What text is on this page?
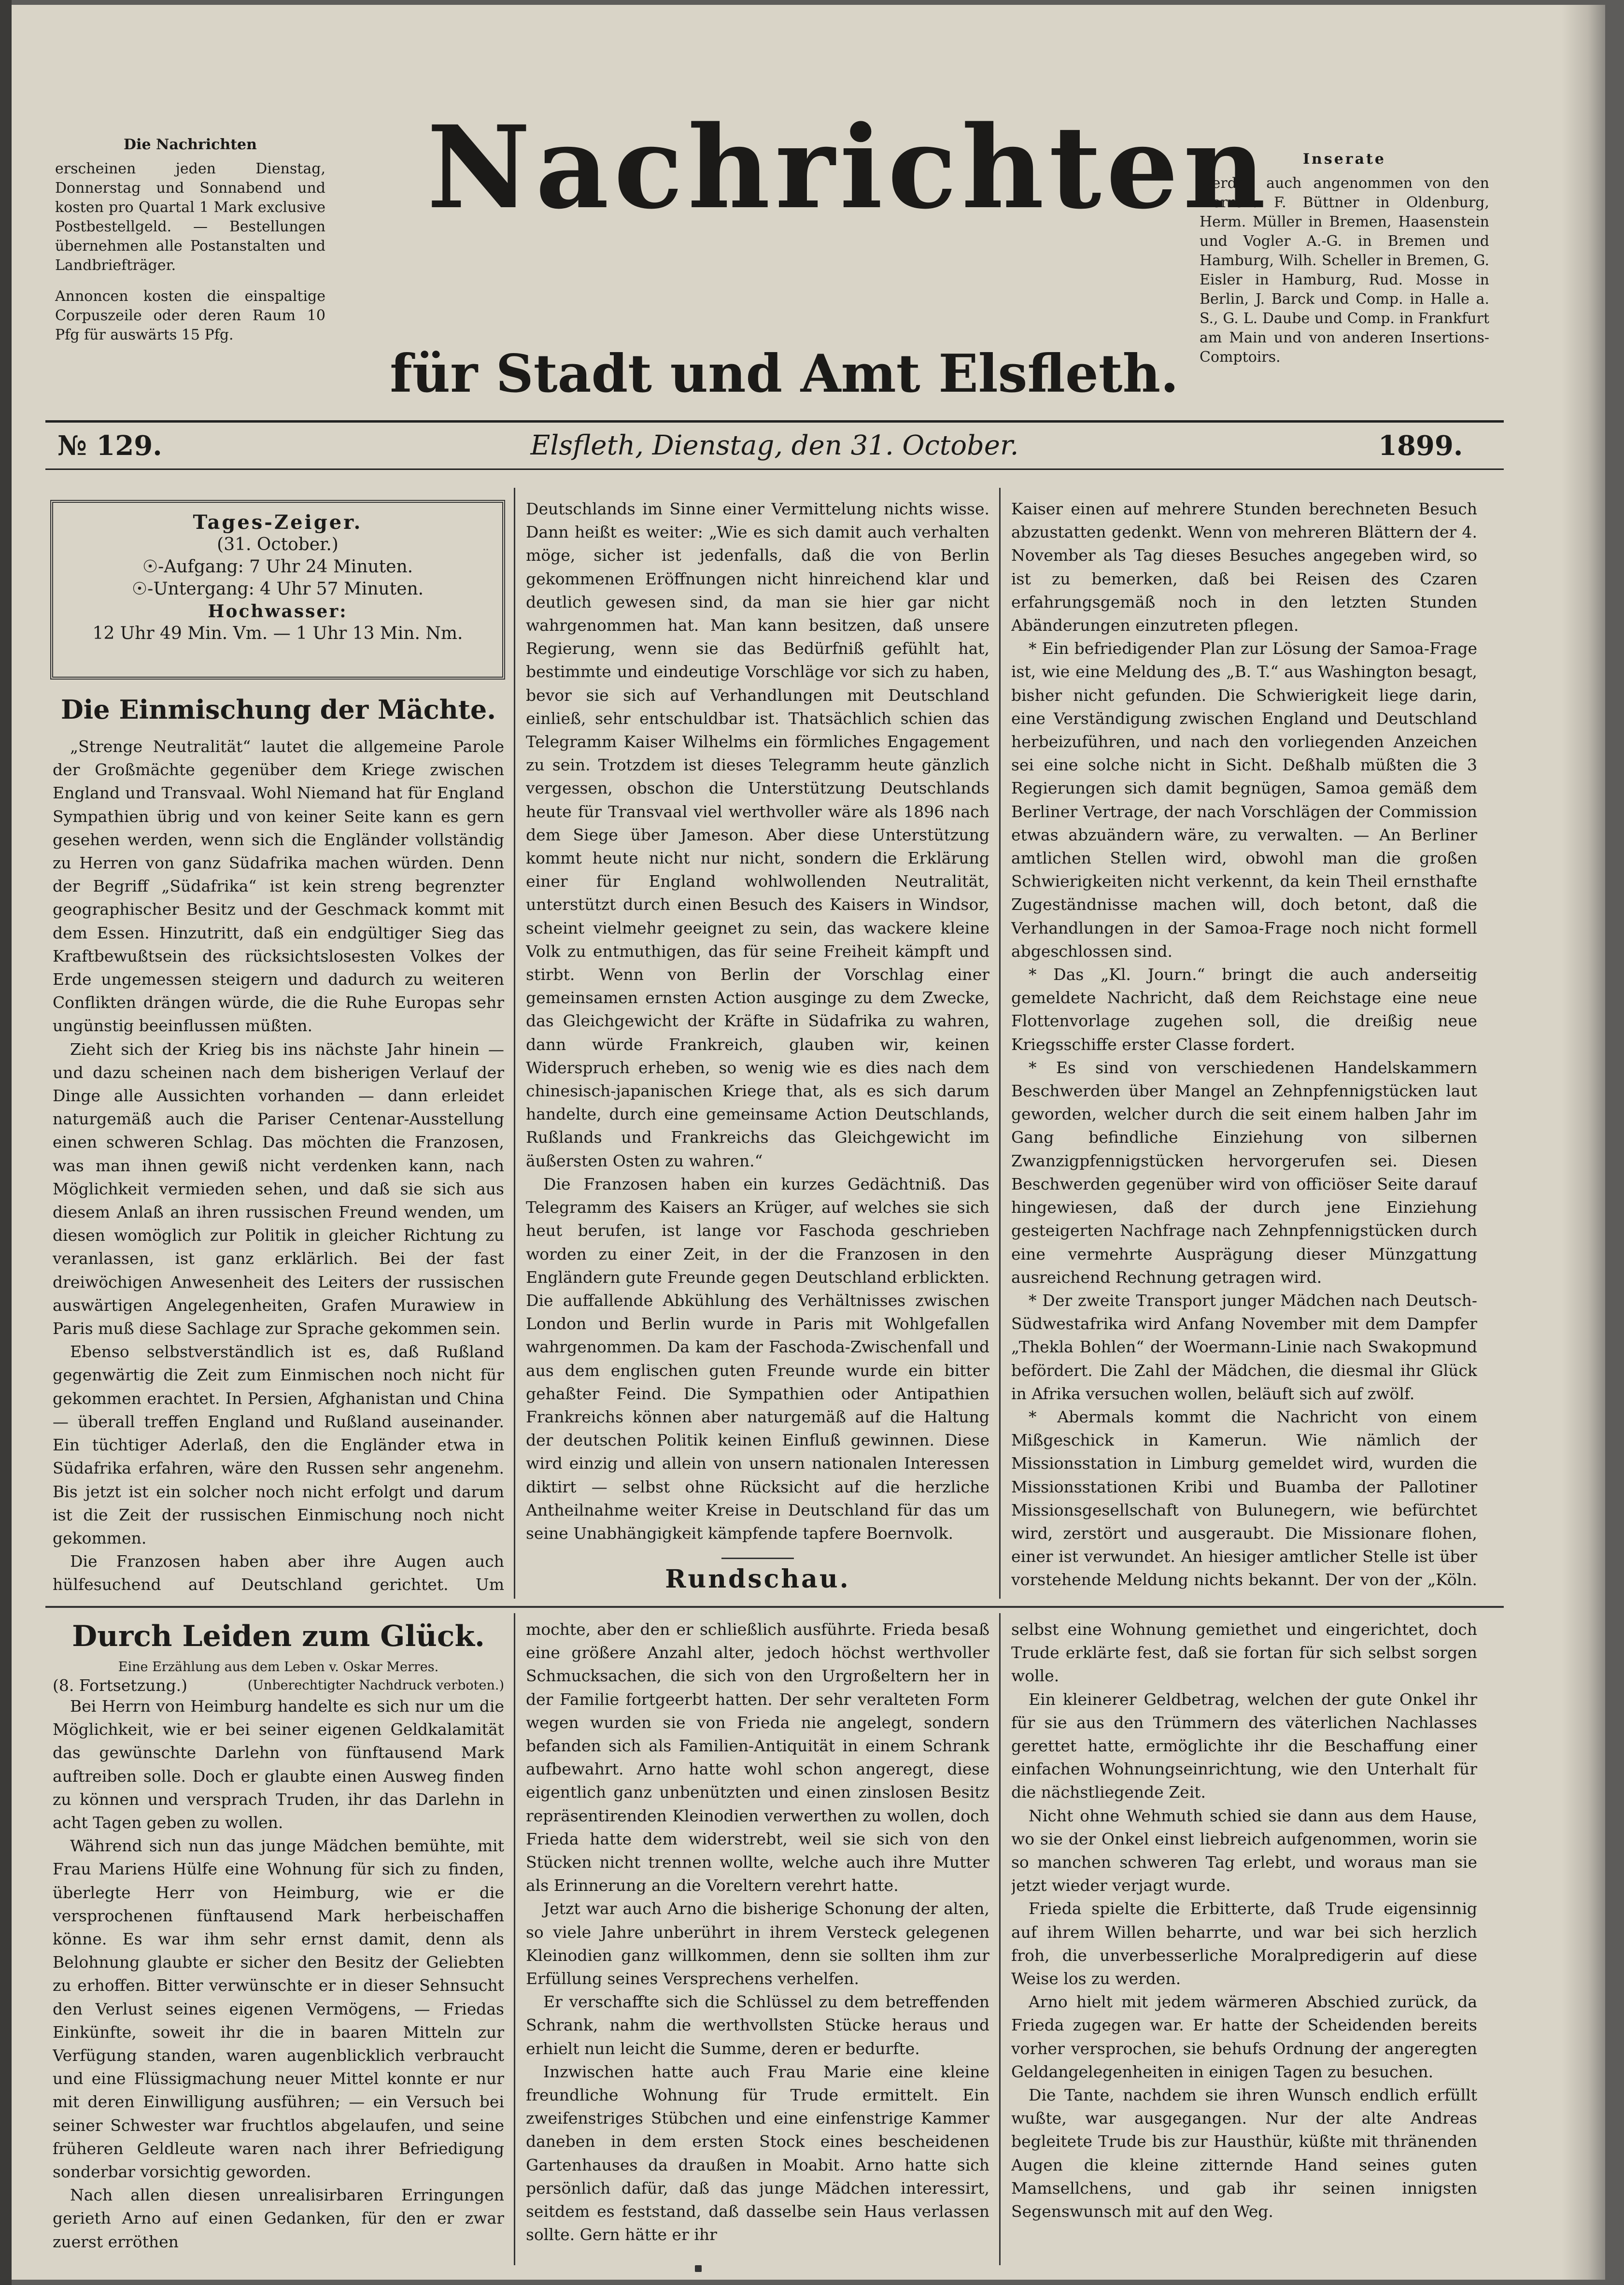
Die Nachrichten

erscheinen jeden Dienstag, Donnerstag und Sonnabend und kosten pro Quartal 1 Mark exclusive Postbestellgeld. — Bestellungen übernehmen alle Postanstalten und Landbriefträger.

Annoncen kosten die einspaltige Corpuszeile oder deren Raum 10 Pfg für auswärts 15 Pfg.

Nachrichten
für Stadt und Amt Elsfleth.

Inserate

werden auch angenommen von den Herren: F. Büttner in Oldenburg, Herm. Müller in Bremen, Haasenstein und Vogler A.-G. in Bremen und Hamburg, Wilh. Scheller in Bremen, G. Eisler in Hamburg, Rud. Mosse in Berlin, J. Barck und Comp. in Halle a. S., G. L. Daube und Comp. in Frankfurt am Main und von anderen Insertions-Comptoirs.

№ 129.	Elsfleth, Dienstag, den 31. October.	1899.
Tages-Zeiger.
(31. October.)
☉-Aufgang: 7 Uhr 24 Minuten.
☉-Untergang: 4 Uhr 57 Minuten.
Hochwasser:
12 Uhr 49 Min. Vm. — 1 Uhr 13 Min. Nm.
Die Einmischung der Mächte.

„Strenge Neutralität“ lautet die allgemeine Parole der Großmächte gegenüber dem Kriege zwischen England und Transvaal. Wohl Niemand hat für England Sympathien übrig und von keiner Seite kann es gern gesehen werden, wenn sich die Engländer vollständig zu Herren von ganz Südafrika machen würden. Denn der Begriff „Südafrika“ ist kein streng begrenzter geographischer Besitz und der Geschmack kommt mit dem Essen. Hinzutritt, daß ein endgültiger Sieg das Kraftbewußtsein des rücksichtslosesten Volkes der Erde ungemessen steigern und dadurch zu weiteren Conflikten drängen würde, die die Ruhe Europas sehr ungünstig beeinflussen müßten.

Zieht sich der Krieg bis ins nächste Jahr hinein — und dazu scheinen nach dem bisherigen Verlauf der Dinge alle Aussichten vorhanden — dann erleidet naturgemäß auch die Pariser Centenar-Ausstellung einen schweren Schlag. Das möchten die Franzosen, was man ihnen gewiß nicht verdenken kann, nach Möglichkeit vermieden sehen, und daß sie sich aus diesem Anlaß an ihren russischen Freund wenden, um diesen womöglich zur Politik in gleicher Richtung zu veranlassen, ist ganz erklärlich. Bei der fast dreiwöchigen Anwesenheit des Leiters der russischen auswärtigen Angelegenheiten, Grafen Murawiew in Paris muß diese Sachlage zur Sprache gekommen sein.

Ebenso selbstverständlich ist es, daß Rußland gegenwärtig die Zeit zum Einmischen noch nicht für gekommen erachtet. In Persien, Afghanistan und China — überall treffen England und Rußland auseinander. Ein tüchtiger Aderlaß, den die Engländer etwa in Südafrika erfahren, wäre den Russen sehr angenehm. Bis jetzt ist ein solcher noch nicht erfolgt und darum ist die Zeit der russischen Einmischung noch nicht gekommen.

Die Franzosen haben aber ihre Augen auch hülfesuchend auf Deutschland gerichtet. Um

Deutschlands im Sinne einer Vermittelung nichts wisse. Dann heißt es weiter: „Wie es sich damit auch verhalten möge, sicher ist jedenfalls, daß die von Berlin gekommenen Eröffnungen nicht hinreichend klar und deutlich gewesen sind, da man sie hier gar nicht wahrgenommen hat. Man kann besitzen, daß unsere Regierung, wenn sie das Bedürfniß gefühlt hat, bestimmte und eindeutige Vorschläge vor sich zu haben, bevor sie sich auf Verhandlungen mit Deutschland einließ, sehr entschuldbar ist. Thatsächlich schien das Telegramm Kaiser Wilhelms ein förmliches Engagement zu sein. Trotzdem ist dieses Telegramm heute gänzlich vergessen, obschon die Unterstützung Deutschlands heute für Transvaal viel werthvoller wäre als 1896 nach dem Siege über Jameson. Aber diese Unterstützung kommt heute nicht nur nicht, sondern die Erklärung einer für England wohlwollenden Neutralität, unterstützt durch einen Besuch des Kaisers in Windsor, scheint vielmehr geeignet zu sein, das wackere kleine Volk zu entmuthigen, das für seine Freiheit kämpft und stirbt. Wenn von Berlin der Vorschlag einer gemeinsamen ernsten Action ausginge zu dem Zwecke, das Gleichgewicht der Kräfte in Südafrika zu wahren, dann würde Frankreich, glauben wir, keinen Widerspruch erheben, so wenig wie es dies nach dem chinesisch-japanischen Kriege that, als es sich darum handelte, durch eine gemeinsame Action Deutschlands, Rußlands und Frankreichs das Gleichgewicht im äußersten Osten zu wahren.“

Die Franzosen haben ein kurzes Gedächtniß. Das Telegramm des Kaisers an Krüger, auf welches sie sich heut berufen, ist lange vor Faschoda geschrieben worden zu einer Zeit, in der die Franzosen in den Engländern gute Freunde gegen Deutschland erblickten. Die auffallende Abkühlung des Verhältnisses zwischen London und Berlin wurde in Paris mit Wohlgefallen wahrgenommen. Da kam der Faschoda-Zwischenfall und aus dem englischen guten Freunde wurde ein bitter gehaßter Feind. Die Sympathien oder Antipathien Frankreichs können aber naturgemäß auf die Haltung der deutschen Politik keinen Einfluß gewinnen. Diese wird einzig und allein von unsern nationalen Interessen diktirt — selbst ohne Rücksicht auf die herzliche Antheilnahme weiter Kreise in Deutschland für das um seine Unabhängigkeit kämpfende tapfere Boernvolk.

Rundschau.

Kaiser einen auf mehrere Stunden berechneten Besuch abzustatten gedenkt. Wenn von mehreren Blättern der 4. November als Tag dieses Besuches angegeben wird, so ist zu bemerken, daß bei Reisen des Czaren erfahrungsgemäß noch in den letzten Stunden Abänderungen einzutreten pflegen.

* Ein befriedigender Plan zur Lösung der Samoa-Frage ist, wie eine Meldung des „B. T.“ aus Washington besagt, bisher nicht gefunden. Die Schwierigkeit liege darin, eine Verständigung zwischen England und Deutschland herbeizuführen, und nach den vorliegenden Anzeichen sei eine solche nicht in Sicht. Deßhalb müßten die 3 Regierungen sich damit begnügen, Samoa gemäß dem Berliner Vertrage, der nach Vorschlägen der Commission etwas abzuändern wäre, zu verwalten. — An Berliner amtlichen Stellen wird, obwohl man die großen Schwierigkeiten nicht verkennt, da kein Theil ernsthafte Zugeständnisse machen will, doch betont, daß die Verhandlungen in der Samoa-Frage noch nicht formell abgeschlossen sind.

* Das „Kl. Journ.“ bringt die auch anderseitig gemeldete Nachricht, daß dem Reichstage eine neue Flottenvorlage zugehen soll, die dreißig neue Kriegsschiffe erster Classe fordert.

* Es sind von verschiedenen Handelskammern Beschwerden über Mangel an Zehnpfennigstücken laut geworden, welcher durch die seit einem halben Jahr im Gang befindliche Einziehung von silbernen Zwanzigpfennigstücken hervorgerufen sei. Diesen Beschwerden gegenüber wird von officiöser Seite darauf hingewiesen, daß der durch jene Einziehung gesteigerten Nachfrage nach Zehnpfennigstücken durch eine vermehrte Ausprägung dieser Münzgattung ausreichend Rechnung getragen wird.

* Der zweite Transport junger Mädchen nach Deutsch-Südwestafrika wird Anfang November mit dem Dampfer „Thekla Bohlen“ der Woermann-Linie nach Swakopmund befördert. Die Zahl der Mädchen, die diesmal ihr Glück in Afrika versuchen wollen, beläuft sich auf zwölf.

* Abermals kommt die Nachricht von einem Mißgeschick in Kamerun. Wie nämlich der Missionsstation in Limburg gemeldet wird, wurden die Missionsstationen Kribi und Buamba der Pallotiner Missionsgesellschaft von Bulunegern, wie befürchtet wird, zerstört und ausgeraubt. Die Missionare flohen, einer ist verwundet. An hiesiger amtlicher Stelle ist über vorstehende Meldung nichts bekannt. Der von der „Köln.

Durch Leiden zum Glück.
Eine Erzählung aus dem Leben v. Oskar Merres.
(8. Fortsetzung.)	(Unberechtigter Nachdruck verboten.)

Bei Herrn von Heimburg handelte es sich nur um die Möglichkeit, wie er bei seiner eigenen Geldkalamität das gewünschte Darlehn von fünftausend Mark auftreiben solle. Doch er glaubte einen Ausweg finden zu können und versprach Truden, ihr das Darlehn in acht Tagen geben zu wollen.

Während sich nun das junge Mädchen bemühte, mit Frau Mariens Hülfe eine Wohnung für sich zu finden, überlegte Herr von Heimburg, wie er die versprochenen fünftausend Mark herbeischaffen könne. Es war ihm sehr ernst damit, denn als Belohnung glaubte er sicher den Besitz der Geliebten zu erhoffen. Bitter verwünschte er in dieser Sehnsucht den Verlust seines eigenen Vermögens, — Friedas Einkünfte, soweit ihr die in baaren Mitteln zur Verfügung standen, waren augenblicklich verbraucht und eine Flüssigmachung neuer Mittel konnte er nur mit deren Einwilligung ausführen; — ein Versuch bei seiner Schwester war fruchtlos abgelaufen, und seine früheren Geldleute waren nach ihrer Befriedigung sonderbar vorsichtig geworden.

Nach allen diesen unrealisirbaren Erringungen gerieth Arno auf einen Gedanken, für den er zwar zuerst erröthen

mochte, aber den er schließlich ausführte. Frieda besaß eine größere Anzahl alter, jedoch höchst werthvoller Schmucksachen, die sich von den Urgroßeltern her in der Familie fortgeerbt hatten. Der sehr veralteten Form wegen wurden sie von Frieda nie angelegt, sondern befanden sich als Familien-Antiquität in einem Schrank aufbewahrt. Arno hatte wohl schon angeregt, diese eigentlich ganz unbenützten und einen zinslosen Besitz repräsentirenden Kleinodien verwerthen zu wollen, doch Frieda hatte dem widerstrebt, weil sie sich von den Stücken nicht trennen wollte, welche auch ihre Mutter als Erinnerung an die Voreltern verehrt hatte.

Jetzt war auch Arno die bisherige Schonung der alten, so viele Jahre unberührt in ihrem Versteck gelegenen Kleinodien ganz willkommen, denn sie sollten ihm zur Erfüllung seines Versprechens verhelfen.

Er verschaffte sich die Schlüssel zu dem betreffenden Schrank, nahm die werthvollsten Stücke heraus und erhielt nun leicht die Summe, deren er bedurfte.

Inzwischen hatte auch Frau Marie eine kleine freundliche Wohnung für Trude ermittelt. Ein zweifenstriges Stübchen und eine einfenstrige Kammer daneben in dem ersten Stock eines bescheidenen Gartenhauses da draußen in Moabit. Arno hatte sich persönlich dafür, daß das junge Mädchen interessirt, seitdem es feststand, daß dasselbe sein Haus verlassen sollte. Gern hätte er ihr

selbst eine Wohnung gemiethet und eingerichtet, doch Trude erklärte fest, daß sie fortan für sich selbst sorgen wolle.

Ein kleinerer Geldbetrag, welchen der gute Onkel ihr für sie aus den Trümmern des väterlichen Nachlasses gerettet hatte, ermöglichte ihr die Beschaffung einer einfachen Wohnungseinrichtung, wie den Unterhalt für die nächstliegende Zeit.

Nicht ohne Wehmuth schied sie dann aus dem Hause, wo sie der Onkel einst liebreich aufgenommen, worin sie so manchen schweren Tag erlebt, und woraus man sie jetzt wieder verjagt wurde.

Frieda spielte die Erbitterte, daß Trude eigensinnig auf ihrem Willen beharrte, und war bei sich herzlich froh, die unverbesserliche Moralpredigerin auf diese Weise los zu werden.

Arno hielt mit jedem wärmeren Abschied zurück, da Frieda zugegen war. Er hatte der Scheidenden bereits vorher versprochen, sie behufs Ordnung der angeregten Geldangelegenheiten in einigen Tagen zu besuchen.

Die Tante, nachdem sie ihren Wunsch endlich erfüllt wußte, war ausgegangen. Nur der alte Andreas begleitete Trude bis zur Hausthür, küßte mit thränenden Augen die kleine zitternde Hand seines guten Mamsellchens, und gab ihr seinen innigsten Segenswunsch mit auf den Weg.
